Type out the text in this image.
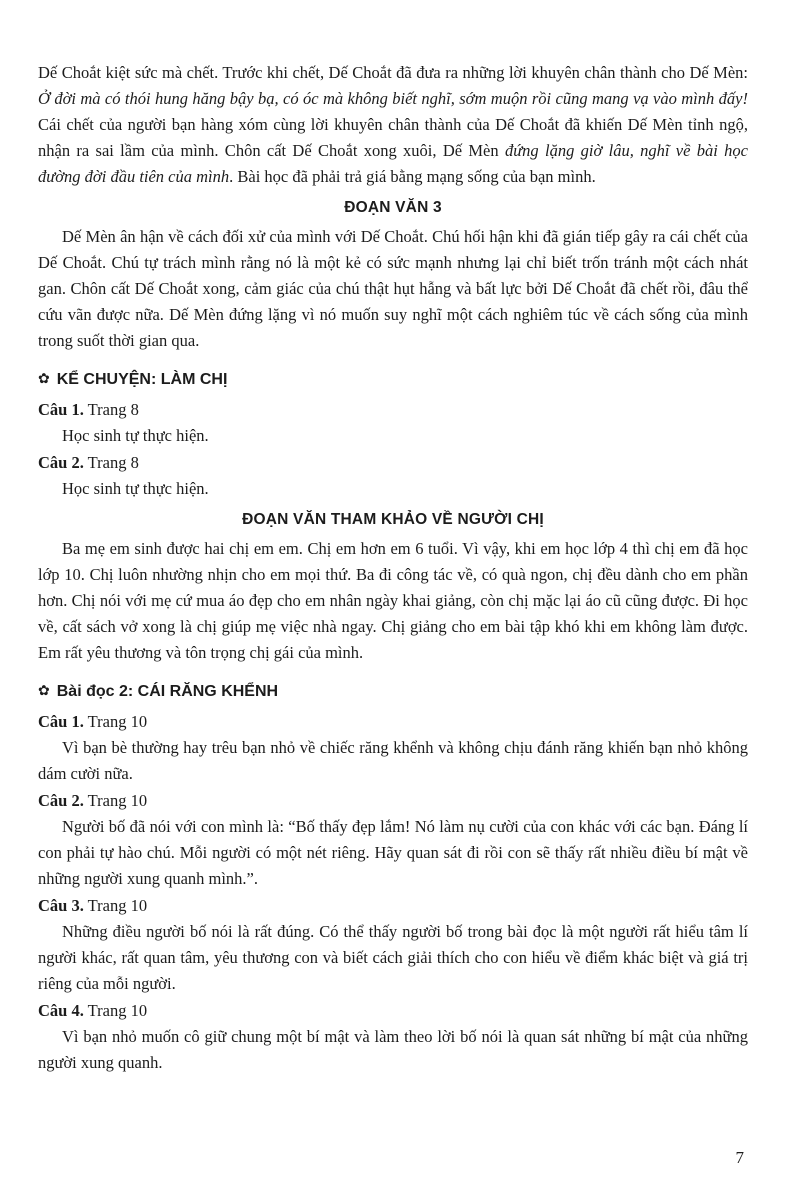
Dế Choắt kiệt sức mà chết. Trước khi chết, Dế Choắt đã đưa ra những lời khuyên chân thành cho Dế Mèn: Ở đời mà có thói hung hăng bậy bạ, có óc mà không biết nghĩ, sớm muộn rồi cũng mang vạ vào mình đấy! Cái chết của người bạn hàng xóm cùng lời khuyên chân thành của Dế Choắt đã khiến Dế Mèn tỉnh ngộ, nhận ra sai lầm của mình. Chôn cất Dế Choắt xong xuôi, Dế Mèn đứng lặng giờ lâu, nghĩ về bài học đường đời đầu tiên của mình. Bài học đã phải trả giá bằng mạng sống của bạn mình.

ĐOẠN VĂN 3

Dế Mèn ân hận về cách đối xử của mình với Dế Choắt. Chú hối hận khi đã gián tiếp gây ra cái chết của Dế Choắt. Chú tự trách mình rằng nó là một kẻ có sức mạnh nhưng lại chỉ biết trốn tránh một cách nhát gan. Chôn cất Dế Choắt xong, cảm giác của chú thật hụt hẫng và bất lực bởi Dế Choắt đã chết rồi, đâu thể cứu vãn được nữa. Dế Mèn đứng lặng vì nó muốn suy nghĩ một cách nghiêm túc về cách sống của mình trong suốt thời gian qua.

✿ KỂ CHUYỆN: LÀM CHỊ

Câu 1. Trang 8

Học sinh tự thực hiện.

Câu 2. Trang 8

Học sinh tự thực hiện.

ĐOẠN VĂN THAM KHẢO VỀ NGƯỜI CHỊ

Ba mẹ em sinh được hai chị em em. Chị em hơn em 6 tuổi. Vì vậy, khi em học lớp 4 thì chị em đã học lớp 10. Chị luôn nhường nhịn cho em mọi thứ. Ba đi công tác về, có quà ngon, chị đều dành cho em phần hơn. Chị nói với mẹ cứ mua áo đẹp cho em nhân ngày khai giảng, còn chị mặc lại áo cũ cũng được. Đi học về, cất sách vở xong là chị giúp mẹ việc nhà ngay. Chị giảng cho em bài tập khó khi em không làm được. Em rất yêu thương và tôn trọng chị gái của mình.

✿ Bài đọc 2: CÁI RĂNG KHỂNH

Câu 1. Trang 10

Vì bạn bè thường hay trêu bạn nhỏ về chiếc răng khểnh và không chịu đánh răng khiến bạn nhỏ không dám cười nữa.

Câu 2. Trang 10

Người bố đã nói với con mình là: “Bố thấy đẹp lắm! Nó làm nụ cười của con khác với các bạn. Đáng lí con phải tự hào chú. Mỗi người có một nét riêng. Hãy quan sát đi rồi con sẽ thấy rất nhiều điều bí mật về những người xung quanh mình.”.

Câu 3. Trang 10

Những điều người bố nói là rất đúng. Có thể thấy người bố trong bài đọc là một người rất hiểu tâm lí người khác, rất quan tâm, yêu thương con và biết cách giải thích cho con hiểu về điểm khác biệt và giá trị riêng của mỗi người.

Câu 4. Trang 10

Vì bạn nhỏ muốn cô giữ chung một bí mật và làm theo lời bố nói là quan sát những bí mật của những người xung quanh.

7
